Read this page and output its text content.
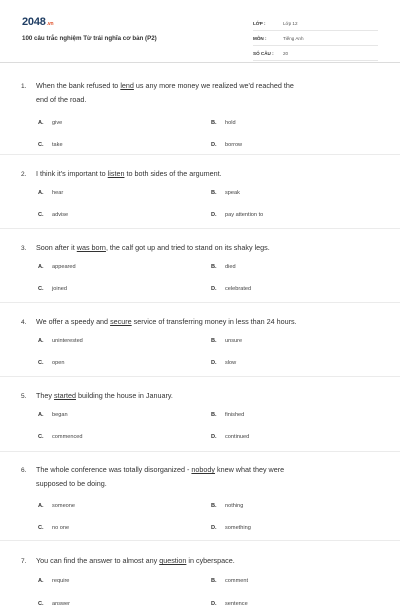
2048.vn
100 câu trắc nghiệm Từ trái nghĩa cơ bản (P2)
LỚP :	Lớp 12
MÔN :	Tiếng Anh
SỐ CÂU :	20
1. When the bank refused to lend us any more money we realized we'd reached the
end of the road.
A. give	B. hold
C. take	D. borrow
2. I think it's important to listen to both sides of the argument.
A. hear	B. speak
C. advise	D. pay attention to
3. Soon after it was born, the calf got up and tried to stand on its shaky legs.
A. appeared	B. died
C. joined	D. celebrated
4. We offer a speedy and secure service of transferring money in less than 24 hours.
A. uninterested	B. unsure
C. open	D. slow
5. They started building the house in January.
A. began	B. finished
C. commenced	D. continued
6. The whole conference was totally disorganized - nobody knew what they were
supposed to be doing.
A. someone	B. nothing
C. no one	D. something
7. You can find the answer to almost any question in cyberspace.
A. require	B. comment
C. answer	D. sentence
